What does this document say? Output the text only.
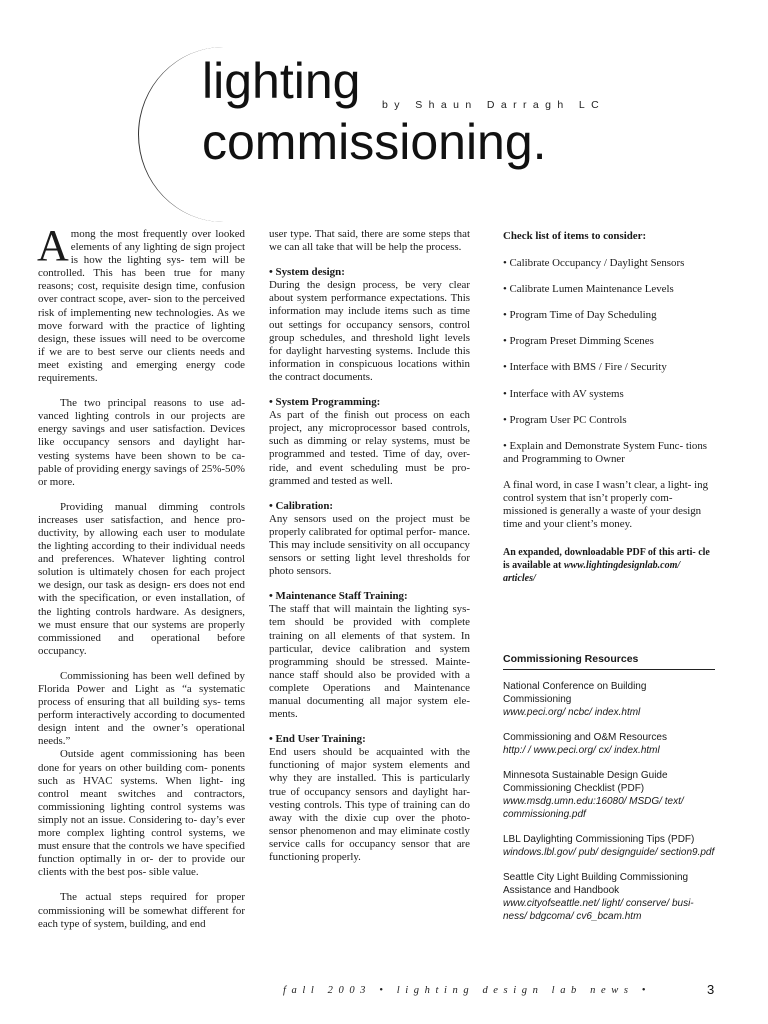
lighting by Shaun Darragh LC
commissioning.

Among the most frequently over looked elements of any lighting de sign project is how the lighting sys- tem will be controlled. This has been true for many reasons; cost, requisite design time, confusion over contract scope, aver- sion to the perceived risk of implementing new technologies. As we move forward with the practice of lighting design, these issues will need to be overcome if we are to best serve our clients needs and meet existing and emerging energy code requirements.

The two principal reasons to use ad- vanced lighting controls in our projects are energy savings and user satisfaction. Devices like occupancy sensors and daylight har- vesting systems have been shown to be ca- pable of providing energy savings of 25%-50% or more.

Providing manual dimming controls increases user satisfaction, and hence pro- ductivity, by allowing each user to modulate the lighting according to their individual needs and preferences. Whatever lighting control solution is ultimately chosen for each project we design, our task as design- ers does not end with the specification, or even installation, of the lighting controls hardware. As designers, we must ensure that our systems are properly commissioned and operational before occupancy.

Commissioning has been well defined by Florida Power and Light as “a systematic process of ensuring that all building sys- tems perform interactively according to documented design intent and the owner’s operational needs.”

Outside agent commissioning has been done for years on other building com- ponents such as HVAC systems. When light- ing control meant switches and contractors, commissioning lighting control systems was simply not an issue. Considering to- day’s ever more complex lighting control systems, we must ensure that the controls we have specified function optimally in or- der to provide our clients with the best pos- sible value.

The actual steps required for proper commissioning will be somewhat different for each type of system, building, and end

user type. That said, there are some steps that we can all take that will be help the process.

• System design:
During the design process, be very clear about system performance expectations. This information may include items such as time out settings for occupancy sensors, control group schedules, and threshold light levels for daylight harvesting systems. Include this information in conspicuous locations within the contract documents.
• System Programming:
As part of the finish out process on each project, any microprocessor based controls, such as dimming or relay systems, must be programmed and tested. Time of day, over- ride, and event scheduling must be pro- grammed and tested as well.
• Calibration:
Any sensors used on the project must be properly calibrated for optimal perfor- mance. This may include sensitivity on all occupancy sensors or setting light level thresholds for photo sensors.
• Maintenance Staff Training:
The staff that will maintain the lighting sys- tem should be provided with complete training on all elements of that system. In particular, device calibration and system programming should be stressed. Mainte- nance staff should also be provided with a complete Operations and Maintenance manual documenting all major system ele- ments.
• End User Training:
End users should be acquainted with the functioning of major system elements and why they are installed. This is particularly true of occupancy sensors and daylight har- vesting controls. This type of training can do away with the dixie cup over the photo- sensor phenomenon and may eliminate costly service calls for occupancy sensor that are functioning properly.
Check list of items to consider:
• Calibrate Occupancy / Daylight Sensors
• Calibrate Lumen Maintenance Levels
• Program Time of Day Scheduling
• Program Preset Dimming Scenes
• Interface with BMS / Fire / Security
• Interface with AV systems
• Program User PC Controls
• Explain and Demonstrate System Func- tions and Programming to Owner
A final word, in case I wasn’t clear, a light- ing control system that isn’t properly com- missioned is generally a waste of your design time and your client’s money.
An expanded, downloadable PDF of this arti- cle is available at www.lightingdesignlab.com/ articles/
Commissioning Resources
National Conference on Building Commissioning
www.peci.org/ ncbc/ index.html
Commissioning and O&M Resources
http:/ / www.peci.org/ cx/ index.html
Minnesota Sustainable Design Guide Commissioning Checklist (PDF)
www.msdg.umn.edu:16080/ MSDG/ text/ commissioning.pdf
LBL Daylighting Commissioning Tips (PDF)
windows.lbl.gov/ pub/ designguide/ section9.pdf
Seattle City Light Building Commissioning Assistance and Handbook
www.cityofseattle.net/ light/ conserve/ busi- ness/ bdgcoma/ cv6_bcam.htm
fall 2003 • lighting design lab news •	3
